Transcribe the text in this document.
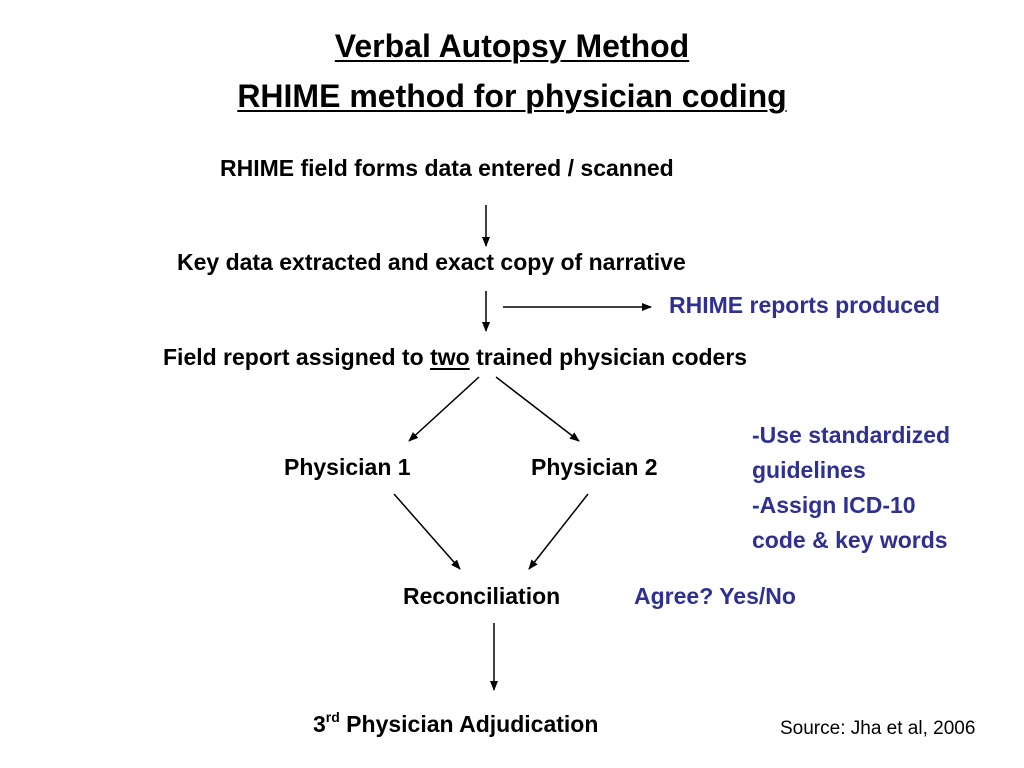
Verbal Autopsy Method
RHIME method for physician coding
RHIME field forms data entered / scanned
Key data extracted and exact copy of narrative
RHIME reports produced
Field report assigned to two trained physician coders
Physician 1	Physician 2
-Use standardized
guidelines
-Assign ICD-10
code & key words
Reconciliation	Agree? Yes/No
3rd Physician Adjudication	Source: Jha et al, 2006
